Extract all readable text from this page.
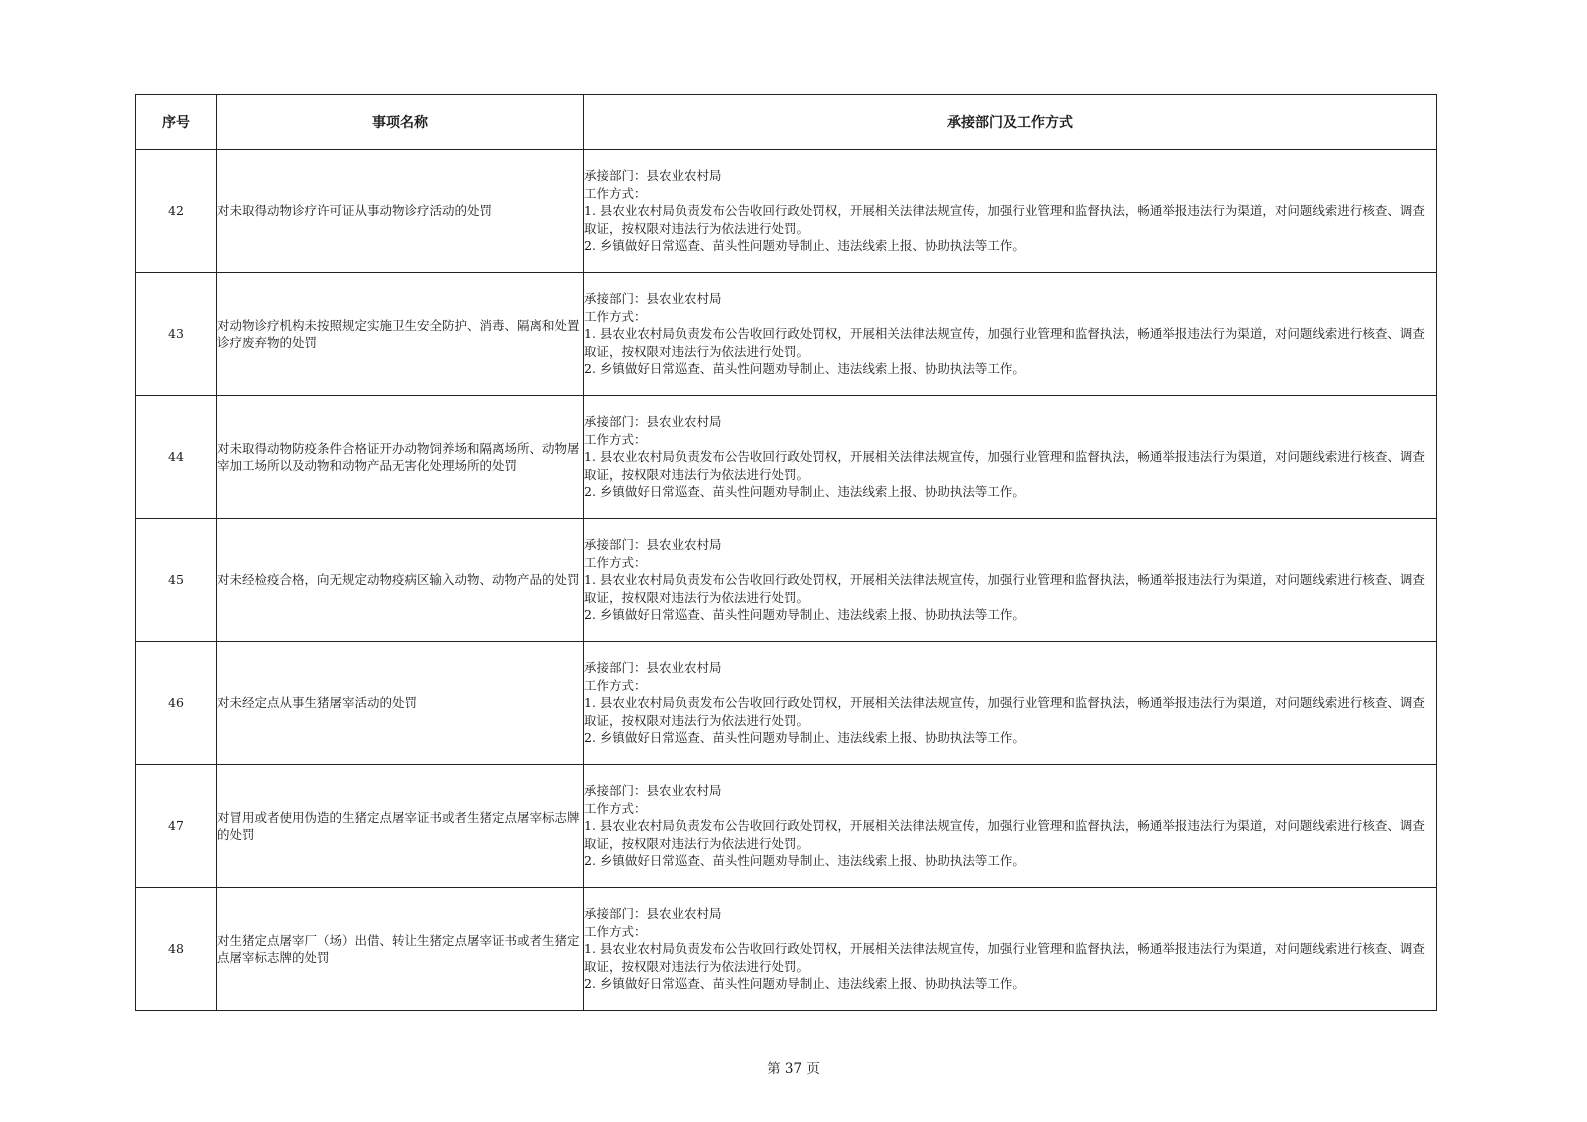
序号	事项名称	承接部门及工作方式
42	对未取得动物诊疗许可证从事动物诊疗活动的处罚	承接部门：县农业农村局

工作方式：

1. 县农业农村局负责发布公告收回行政处罚权，开展相关法律法规宣传，加强行业管理和监督执法，畅通举报违法行为渠道，对问题线索进行核查、调查取证，按权限对违法行为依法进行处罚。

2. 乡镇做好日常巡查、苗头性问题劝导制止、违法线索上报、协助执法等工作。

43	对动物诊疗机构未按照规定实施卫生安全防护、消毒、隔离和处置诊疗废弃物的处罚	承接部门：县农业农村局

工作方式：

1. 县农业农村局负责发布公告收回行政处罚权，开展相关法律法规宣传，加强行业管理和监督执法，畅通举报违法行为渠道，对问题线索进行核查、调查取证，按权限对违法行为依法进行处罚。

2. 乡镇做好日常巡查、苗头性问题劝导制止、违法线索上报、协助执法等工作。

44	对未取得动物防疫条件合格证开办动物饲养场和隔离场所、动物屠宰加工场所以及动物和动物产品无害化处理场所的处罚	承接部门：县农业农村局

工作方式：

1. 县农业农村局负责发布公告收回行政处罚权，开展相关法律法规宣传，加强行业管理和监督执法，畅通举报违法行为渠道，对问题线索进行核查、调查取证，按权限对违法行为依法进行处罚。

2. 乡镇做好日常巡查、苗头性问题劝导制止、违法线索上报、协助执法等工作。

45	对未经检疫合格，向无规定动物疫病区输入动物、动物产品的处罚	承接部门：县农业农村局

工作方式：

1. 县农业农村局负责发布公告收回行政处罚权，开展相关法律法规宣传，加强行业管理和监督执法，畅通举报违法行为渠道，对问题线索进行核查、调查取证，按权限对违法行为依法进行处罚。

2. 乡镇做好日常巡查、苗头性问题劝导制止、违法线索上报、协助执法等工作。

46	对未经定点从事生猪屠宰活动的处罚	承接部门：县农业农村局

工作方式：

1. 县农业农村局负责发布公告收回行政处罚权，开展相关法律法规宣传，加强行业管理和监督执法，畅通举报违法行为渠道，对问题线索进行核查、调查取证，按权限对违法行为依法进行处罚。

2. 乡镇做好日常巡查、苗头性问题劝导制止、违法线索上报、协助执法等工作。

47	对冒用或者使用伪造的生猪定点屠宰证书或者生猪定点屠宰标志牌的处罚	承接部门：县农业农村局

工作方式：

1. 县农业农村局负责发布公告收回行政处罚权，开展相关法律法规宣传，加强行业管理和监督执法，畅通举报违法行为渠道，对问题线索进行核查、调查取证，按权限对违法行为依法进行处罚。

2. 乡镇做好日常巡查、苗头性问题劝导制止、违法线索上报、协助执法等工作。

48	对生猪定点屠宰厂（场）出借、转让生猪定点屠宰证书或者生猪定点屠宰标志牌的处罚	承接部门：县农业农村局

工作方式：

1. 县农业农村局负责发布公告收回行政处罚权，开展相关法律法规宣传，加强行业管理和监督执法，畅通举报违法行为渠道，对问题线索进行核查、调查取证，按权限对违法行为依法进行处罚。

2. 乡镇做好日常巡查、苗头性问题劝导制止、违法线索上报、协助执法等工作。

第 37 页
